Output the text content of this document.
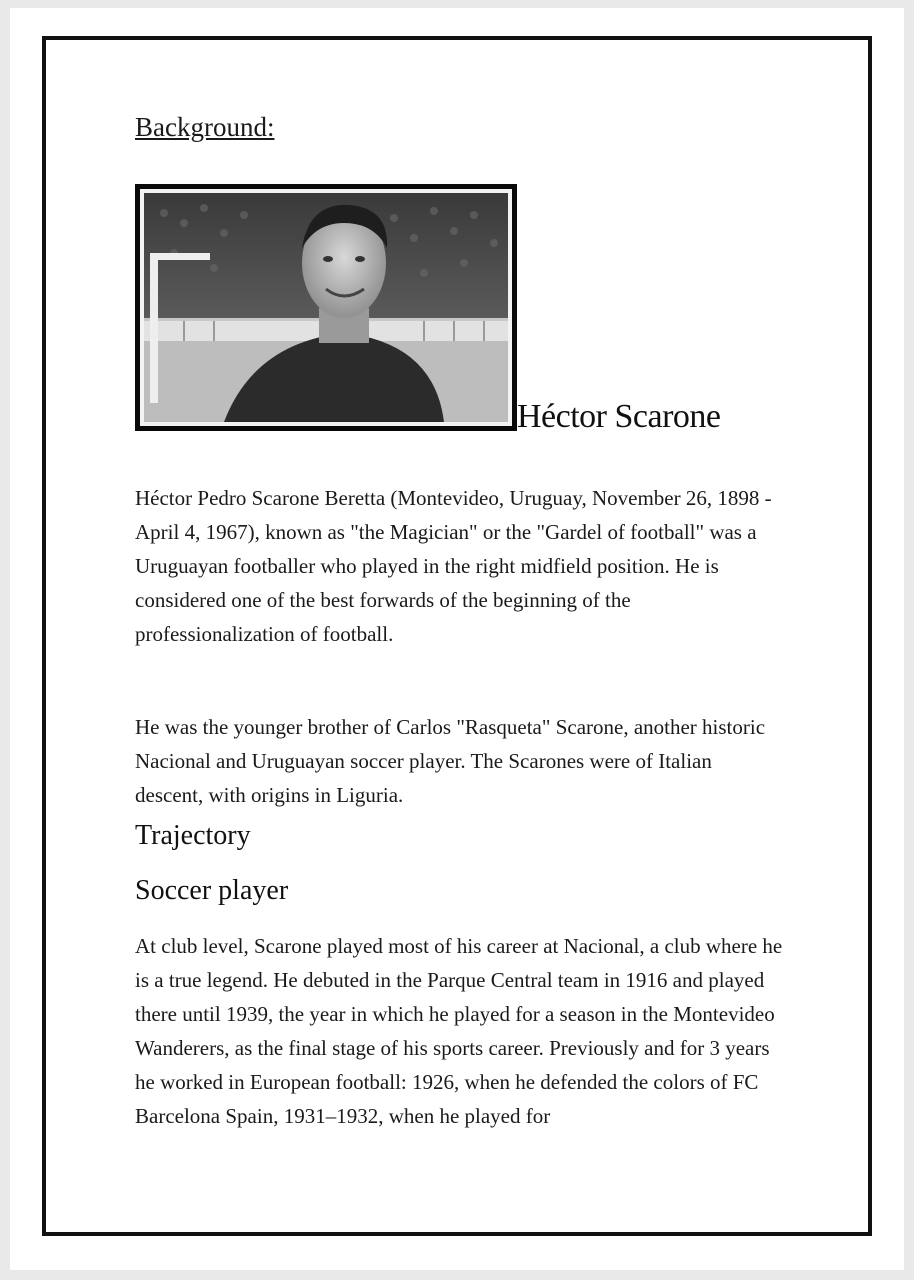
Background:
Héctor Scarone

Héctor Pedro Scarone Beretta (Montevideo, Uruguay, November 26, 1898 - April 4, 1967), known as "the Magician" or the "Gardel of football" was a Uruguayan footballer who played in the right midfield position. He is considered one of the best forwards of the beginning of the professionalization of football.

He was the younger brother of Carlos "Rasqueta" Scarone, another historic Nacional and Uruguayan soccer player. The Scarones were of Italian descent, with origins in Liguria.

Trajectory
Soccer player

At club level, Scarone played most of his career at Nacional, a club where he is a true legend. He debuted in the Parque Central team in 1916 and played there until 1939, the year in which he played for a season in the Montevideo Wanderers, as the final stage of his sports career. Previously and for 3 years he worked in European football: 1926, when he defended the colors of FC Barcelona Spain, 1931–1932, when he played for
